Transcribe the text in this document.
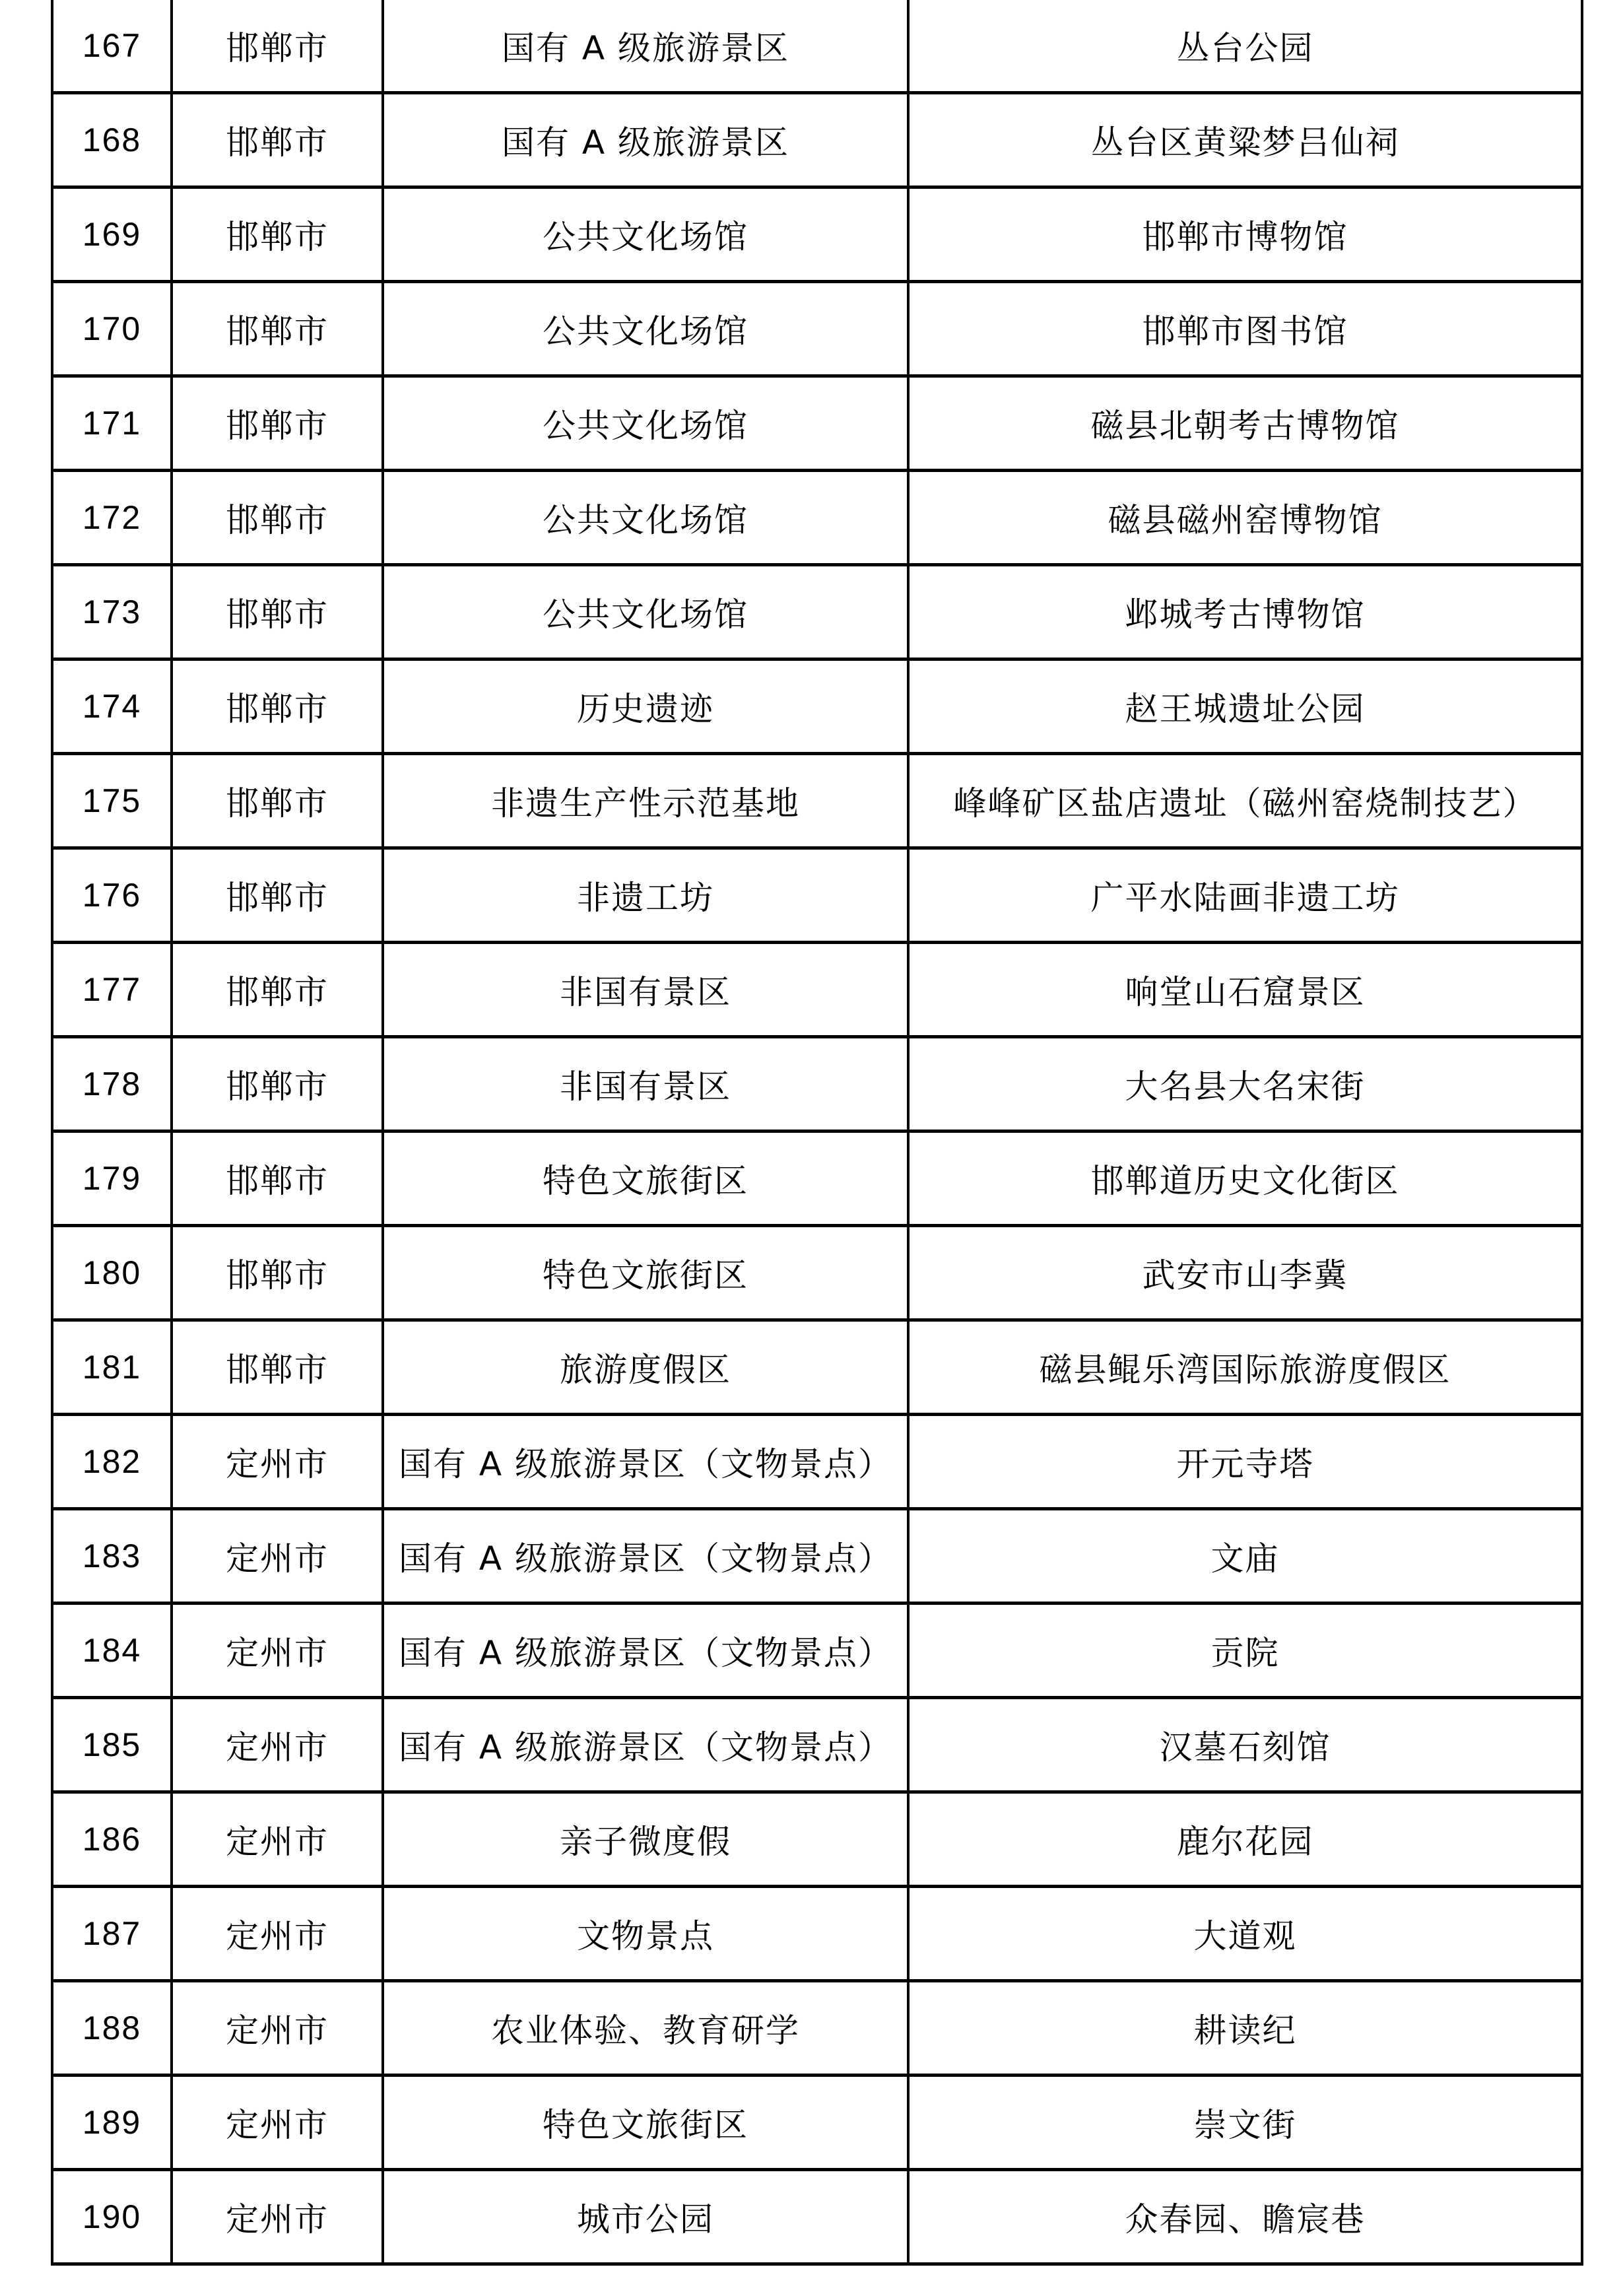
167	邯郸市	国有 A 级旅游景区	丛台公园
168	邯郸市	国有 A 级旅游景区	丛台区黄粱梦吕仙祠
169	邯郸市	公共文化场馆	邯郸市博物馆
170	邯郸市	公共文化场馆	邯郸市图书馆
171	邯郸市	公共文化场馆	磁县北朝考古博物馆
172	邯郸市	公共文化场馆	磁县磁州窑博物馆
173	邯郸市	公共文化场馆	邺城考古博物馆
174	邯郸市	历史遗迹	赵王城遗址公园
175	邯郸市	非遗生产性示范基地	峰峰矿区盐店遗址（磁州窑烧制技艺）
176	邯郸市	非遗工坊	广平水陆画非遗工坊
177	邯郸市	非国有景区	响堂山石窟景区
178	邯郸市	非国有景区	大名县大名宋街
179	邯郸市	特色文旅街区	邯郸道历史文化街区
180	邯郸市	特色文旅街区	武安市山李冀
181	邯郸市	旅游度假区	磁县鲲乐湾国际旅游度假区
182	定州市	国有 A 级旅游景区（文物景点）	开元寺塔
183	定州市	国有 A 级旅游景区（文物景点）	文庙
184	定州市	国有 A 级旅游景区（文物景点）	贡院
185	定州市	国有 A 级旅游景区（文物景点）	汉墓石刻馆
186	定州市	亲子微度假	鹿尔花园
187	定州市	文物景点	大道观
188	定州市	农业体验、教育研学	耕读纪
189	定州市	特色文旅街区	崇文街
190	定州市	城市公园	众春园、瞻宸巷
